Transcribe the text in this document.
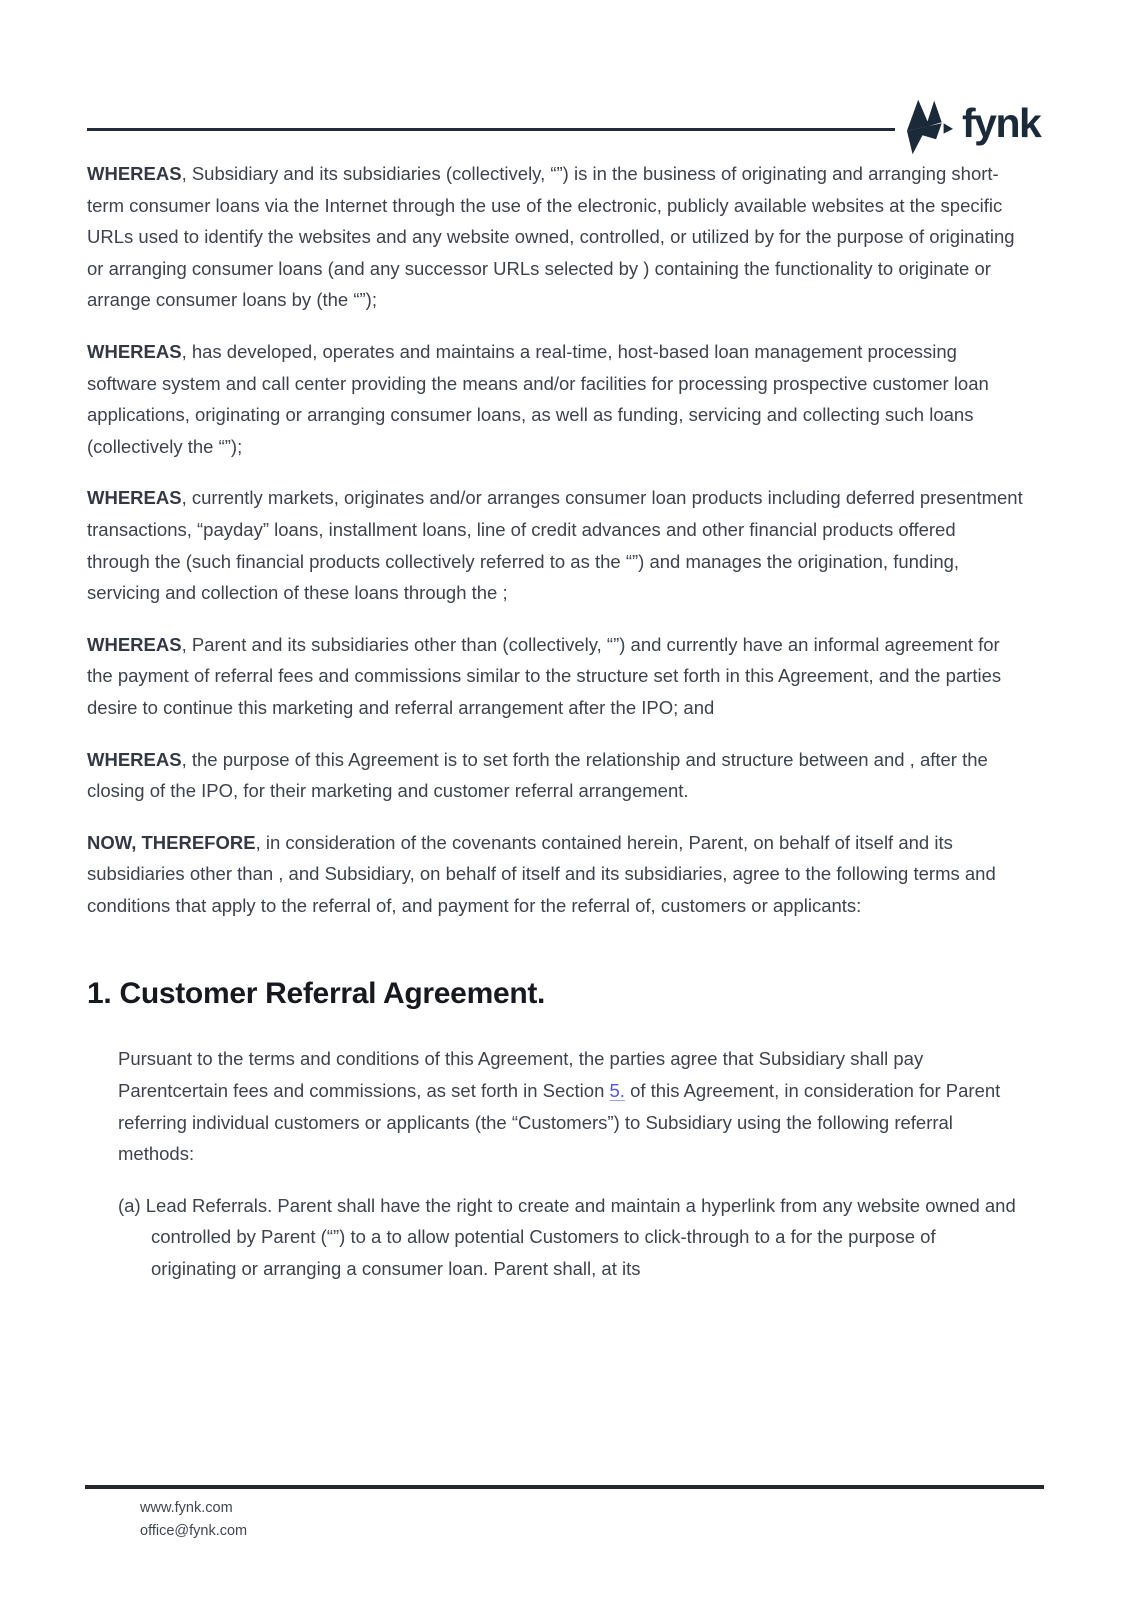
fynk

WHEREAS, Subsidiary and its subsidiaries (collectively, “”) is in the business of originating and arranging short-term consumer loans via the Internet through the use of the electronic, publicly available websites at the specific URLs used to identify the websites and any website owned, controlled, or utilized by for the purpose of originating or arranging consumer loans (and any successor URLs selected by ) containing the functionality to originate or arrange consumer loans by (the “”);

WHEREAS, has developed, operates and maintains a real-time, host-based loan management processing software system and call center providing the means and/or facilities for processing prospective customer loan applications, originating or arranging consumer loans, as well as funding, servicing and collecting such loans (collectively the “”);

WHEREAS, currently markets, originates and/or arranges consumer loan products including deferred presentment transactions, “payday” loans, installment loans, line of credit advances and other financial products offered through the (such financial products collectively referred to as the “”) and manages the origination, funding, servicing and collection of these loans through the ;

WHEREAS, Parent and its subsidiaries other than (collectively, “”) and currently have an informal agreement for the payment of referral fees and commissions similar to the structure set forth in this Agreement, and the parties desire to continue this marketing and referral arrangement after the IPO; and

WHEREAS, the purpose of this Agreement is to set forth the relationship and structure between and , after the closing of the IPO, for their marketing and customer referral arrangement.

NOW, THEREFORE, in consideration of the covenants contained herein, Parent, on behalf of itself and its subsidiaries other than , and Subsidiary, on behalf of itself and its subsidiaries, agree to the following terms and conditions that apply to the referral of, and payment for the referral of, customers or applicants:

1. Customer Referral Agreement.

Pursuant to the terms and conditions of this Agreement, the parties agree that Subsidiary shall pay Parentcertain fees and commissions, as set forth in Section 5. of this Agreement, in consideration for Parent referring individual customers or applicants (the “Customers”) to Subsidiary using the following referral methods:

(a) Lead Referrals. Parent shall have the right to create and maintain a hyperlink from any website owned and controlled by Parent (“”) to a to allow potential Customers to click-through to a for the purpose of originating or arranging a consumer loan. Parent shall, at its

www.fynk.com
office@fynk.com
